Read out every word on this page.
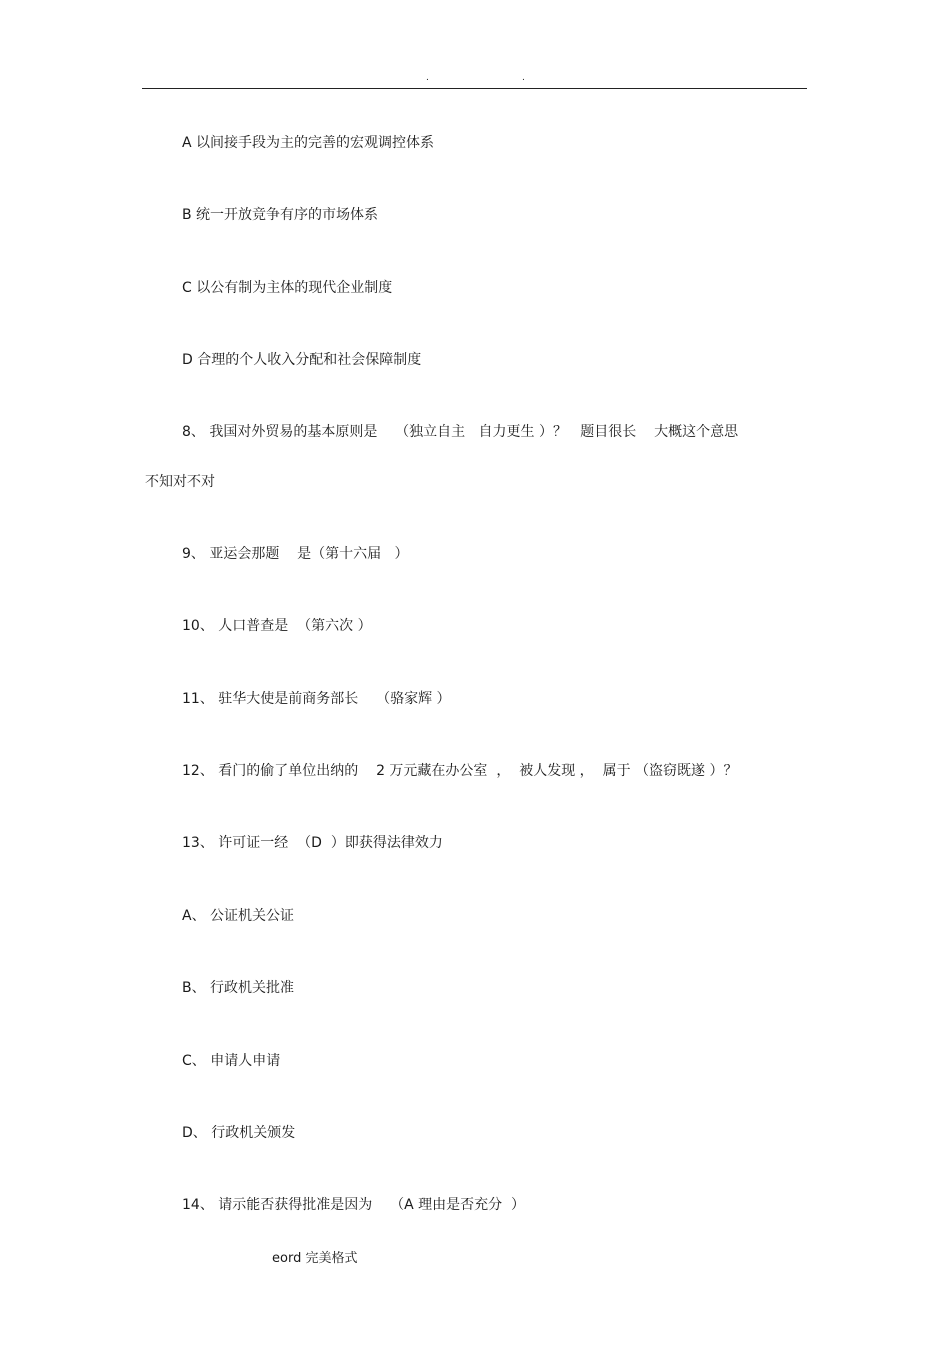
.	.
A 以间接手段为主的完善的宏观调控体系
B 统一开放竞争有序的市场体系
C 以公有制为主体的现代企业制度
D 合理的个人收入分配和社会保障制度
8、 我国对外贸易的基本原则是    （独立自主   自力更生 ）？   题目很长    大概这个意思
不知对不对
9、 亚运会那题    是（第十六届   ）
10、 人口普查是  （第六次 ）
11、 驻华大使是前商务部长    （骆家辉 ）
12、 看门的偷了单位出纳的    2 万元藏在办公室  ，  被人发现 ，  属于 （盗窃既遂 ）？
13、 许可证一经  （D  ）即获得法律效力
A、 公证机关公证
B、 行政机关批准
C、 申请人申请
D、 行政机关颁发
14、 请示能否获得批准是因为    （A 理由是否充分  ）
eord 完美格式
